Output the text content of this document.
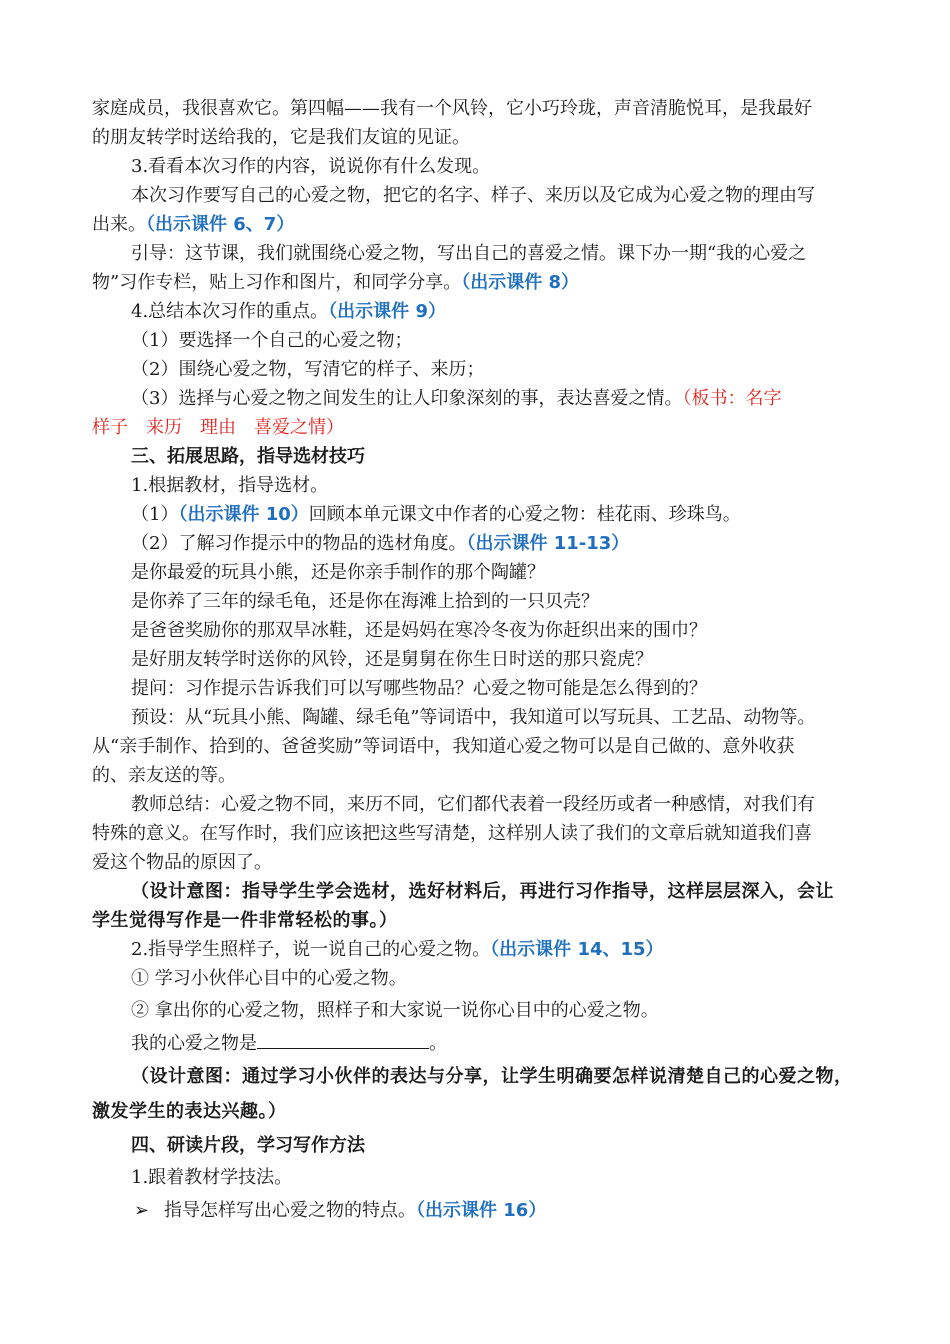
家庭成员，我很喜欢它。第四幅——我有一个风铃，它小巧玲珑，声音清脆悦耳，是我最好
的朋友转学时送给我的，它是我们友谊的见证。
3.看看本次习作的内容，说说你有什么发现。
本次习作要写自己的心爱之物，把它的名字、样子、来历以及它成为心爱之物的理由写
出来。（出示课件 6、7）
引导：这节课，我们就围绕心爱之物，写出自己的喜爱之情。课下办一期“我的心爱之
物”习作专栏，贴上习作和图片，和同学分享。（出示课件 8）
4.总结本次习作的重点。（出示课件 9）
（1）要选择一个自己的心爱之物；
（2）围绕心爱之物，写清它的样子、来历；
（3）选择与心爱之物之间发生的让人印象深刻的事，表达喜爱之情。（板书：名字
样子　来历　理由　喜爱之情）
三、拓展思路，指导选材技巧
1.根据教材，指导选材。
（1）（出示课件 10）回顾本单元课文中作者的心爱之物：桂花雨、珍珠鸟。
（2）了解习作提示中的物品的选材角度。（出示课件 11-13）
是你最爱的玩具小熊，还是你亲手制作的那个陶罐？
是你养了三年的绿毛龟，还是你在海滩上拾到的一只贝壳？
是爸爸奖励你的那双旱冰鞋，还是妈妈在寒冷冬夜为你赶织出来的围巾？
是好朋友转学时送你的风铃，还是舅舅在你生日时送的那只瓷虎？
提问：习作提示告诉我们可以写哪些物品？心爱之物可能是怎么得到的？
预设：从“玩具小熊、陶罐、绿毛龟”等词语中，我知道可以写玩具、工艺品、动物等。
从“亲手制作、拾到的、爸爸奖励”等词语中，我知道心爱之物可以是自己做的、意外收获
的、亲友送的等。
教师总结：心爱之物不同，来历不同，它们都代表着一段经历或者一种感情，对我们有
特殊的意义。在写作时，我们应该把这些写清楚，这样别人读了我们的文章后就知道我们喜
爱这个物品的原因了。
（设计意图：指导学生学会选材，选好材料后，再进行习作指导，这样层层深入，会让
学生觉得写作是一件非常轻松的事。）
2.指导学生照样子，说一说自己的心爱之物。（出示课件 14、15）
① 学习小伙伴心目中的心爱之物。
② 拿出你的心爱之物，照样子和大家说一说你心目中的心爱之物。
我的心爱之物是	。
（设计意图：通过学习小伙伴的表达与分享，让学生明确要怎样说清楚自己的心爱之物，
激发学生的表达兴趣。）
四、研读片段，学习写作方法
1.跟着教材学技法。
➢ 指导怎样写出心爱之物的特点。（出示课件 16）
